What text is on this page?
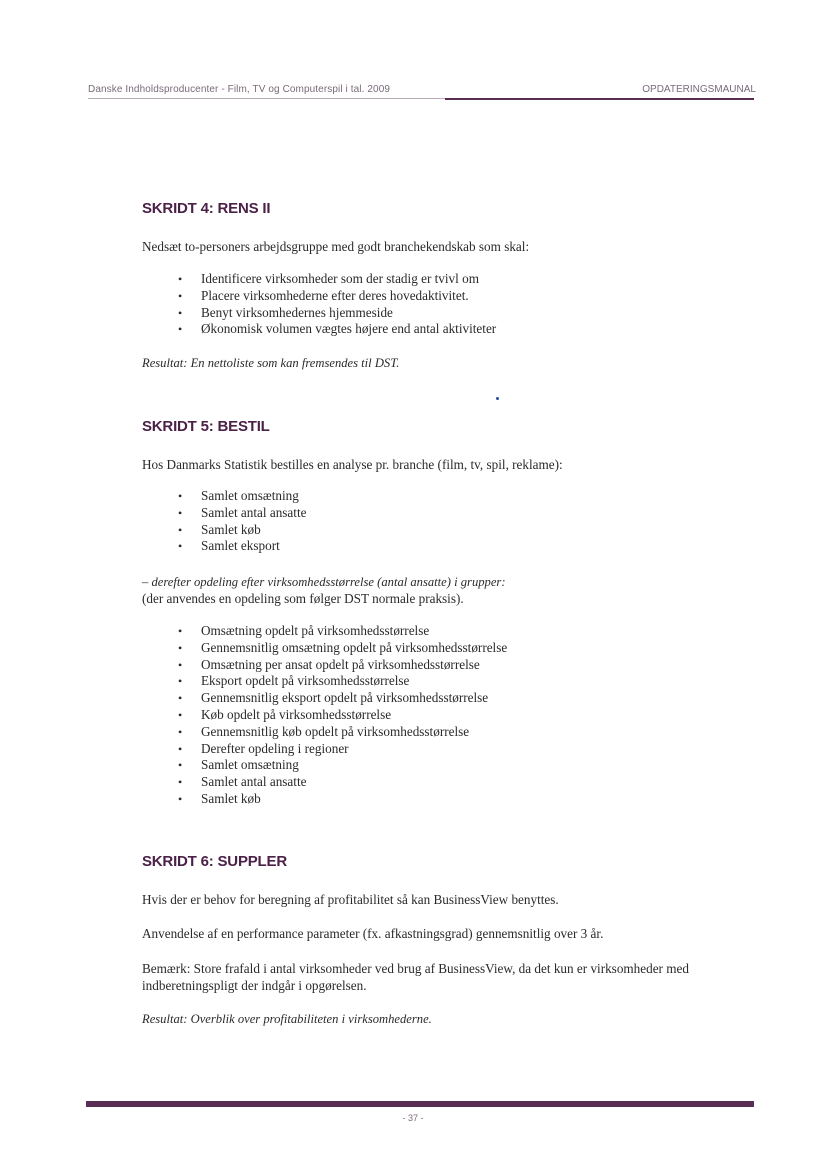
Danske Indholdsproducenter - Film, TV og Computerspil i tal. 2009	OPDATERINGSMAUNAL
SKRIDT 4: RENS II
Nedsæt to-personers arbejdsgruppe med godt branchekendskab som skal:
• Identificere virksomheder som der stadig er tvivl om
• Placere virksomhederne efter deres hovedaktivitet.
• Benyt virksomhedernes hjemmeside
• Økonomisk volumen vægtes højere end antal aktiviteter
Resultat: En nettoliste som kan fremsendes til DST.
SKRIDT 5: BESTIL
Hos Danmarks Statistik bestilles en analyse pr. branche (film, tv, spil, reklame):
• Samlet omsætning
• Samlet antal ansatte
• Samlet køb
• Samlet eksport
– derefter opdeling efter virksomhedsstørrelse (antal ansatte) i grupper:
(der anvendes en opdeling som følger DST normale praksis).
• Omsætning opdelt på virksomhedsstørrelse
• Gennemsnitlig omsætning opdelt på virksomhedsstørrelse
• Omsætning per ansat opdelt på virksomhedsstørrelse
• Eksport opdelt på virksomhedsstørrelse
• Gennemsnitlig eksport opdelt på virksomhedsstørrelse
• Køb opdelt på virksomhedsstørrelse
• Gennemsnitlig køb opdelt på virksomhedsstørrelse
• Derefter opdeling i regioner
• Samlet omsætning
• Samlet antal ansatte
• Samlet køb
SKRIDT 6: SUPPLER
Hvis der er behov for beregning af profitabilitet så kan BusinessView benyttes.
Anvendelse af en performance parameter (fx. afkastningsgrad) gennemsnitlig over 3 år.
Bemærk: Store frafald i antal virksomheder ved brug af BusinessView, da det kun er virksomheder med indberetningspligt der indgår i opgørelsen.
Resultat: Overblik over profitabiliteten i virksomhederne.
- 37 -
